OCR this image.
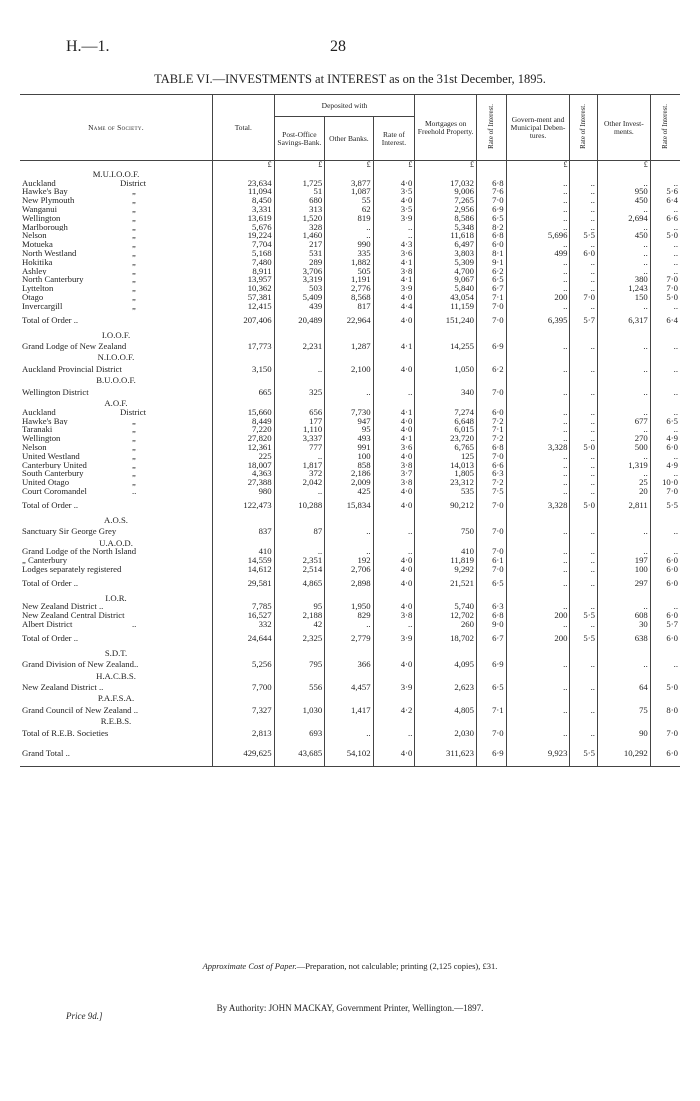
H.—1.	28
TABLE VI.—INVESTMENTS at INTEREST as on the 31st December, 1895.
Name of Society.	Total.	Deposited with			Mortgages on Freehold Property.	Rate of Interest.	Govern-ment and Municipal Deben-tures.	Rate of Interest.	Other Invest-ments.	Rate of Interest.
		Post-Office Savings-Bank.	Other Banks.	Rate of Interest.						
	£	£	£	£	£		£		£	
M.U.I.O.O.F.										
Auckland District	23,634	1,725	3,877	4·0	17,032	6·8	..	..	..	..
Hawke's Bay „	11,094	51	1,087	3·5	9,006	7·6	..	..	950	5·6
New Plymouth „	8,450	680	55	4·0	7,265	7·0	..	..	450	6·4
Wanganui „	3,331	313	62	3·5	2,956	6·9	..	..	..	..
Wellington „	13,619	1,520	819	3·9	8,586	6·5	..	..	2,694	6·6
Marlborough „	5,676	328	..	..	5,348	8·2	..	..	..	..
Nelson „	19,224	1,460	..	..	11,618	6·8	5,696	5·5	450	5·0
Motueka „	7,704	217	990	4·3	6,497	6·0	..	..	..	..
North Westland „	5,168	531	335	3·6	3,803	8·1	499	6·0	..	..
Hokitika „	7,480	289	1,882	4·1	5,309	9·1	..	..	..	..
Ashley „	8,911	3,706	505	3·8	4,700	6·2	..	..	..	..
North Canterbury „	13,957	3,319	1,191	4·1	9,067	6·5	..	..	380	7·0
Lyttelton „	10,362	503	2,776	3·9	5,840	6·7	..	..	1,243	7·0
Otago „	57,381	5,409	8,568	4·0	43,054	7·1	200	7·0	150	5·0
Invercargill „	12,415	439	817	4·4	11,159	7·0	..	..	..	..
Total of Order ..	207,406	20,489	22,964	4·0	151,240	7·0	6,395	5·7	6,317	6·4
I.O.O.F.										
Grand Lodge of New Zealand	17,773	2,231	1,287	4·1	14,255	6·9	..	..	..	..
N.I.O.O.F.										
Auckland Provincial District	3,150	..	2,100	4·0	1,050	6·2	..	..	..	..
B.U.O.O.F.										
Wellington District	665	325	..	..	340	7·0	..	..	..	..
A.O.F.										
Auckland District	15,660	656	7,730	4·1	7,274	6·0	..	..	..	..
Hawke's Bay „	8,449	177	947	4·0	6,648	7·2	..	..	677	6·5
Taranaki „	7,220	1,110	95	4·0	6,015	7·1	..	..	..	..
Wellington „	27,820	3,337	493	4·1	23,720	7·2	..	..	270	4·9
Nelson „	12,361	777	991	3·6	6,765	6·8	3,328	5·0	500	6·0
United Westland „	225	..	100	4·0	125	7·0	..	..	..	..
Canterbury United „	18,007	1,817	858	3·8	14,013	6·6	..	..	1,319	4·9
South Canterbury „	4,363	372	2,186	3·7	1,805	6·3	..	..	..	..
United Otago „	27,388	2,042	2,009	3·8	23,312	7·2	..	..	25	10·0
Court Coromandel ..	980	..	425	4·0	535	7·5	..	..	20	7·0
Total of Order ..	122,473	10,288	15,834	4·0	90,212	7·0	3,328	5·0	2,811	5·5
A.O.S.										
Sanctuary Sir George Grey	837	87	..	..	750	7·0	..	..	..	..
U.A.O.D.										
Grand Lodge of the North Island	410	..	..	..	410	7·0	..	..	..	..
„ Canterbury	14,559	2,351	192	4·0	11,819	6·1	..	..	197	6·0
Lodges separately registered	14,612	2,514	2,706	4·0	9,292	7·0	..	..	100	6·0
Total of Order ..	29,581	4,865	2,898	4·0	21,521	6·5	..	..	297	6·0
I.O.R.										
New Zealand District ..	7,785	95	1,950	4·0	5,740	6·3	..	..	..	..
New Zealand Central District	16,527	2,188	829	3·8	12,702	6·8	200	5·5	608	6·0
Albert District ..	332	42	..	..	260	9·0	..	..	30	5·7
Total of Order ..	24,644	2,325	2,779	3·9	18,702	6·7	200	5·5	638	6·0
S.D.T.										
Grand Division of New Zealand..	5,256	795	366	4·0	4,095	6·9	..	..	..	..
H.A.C.B.S.										
New Zealand District ..	7,700	556	4,457	3·9	2,623	6·5	..	..	64	5·0
P.A.F.S.A.										
Grand Council of New Zealand ..	7,327	1,030	1,417	4·2	4,805	7·1	..	..	75	8·0
R.E.B.S.										
Total of R.E.B. Societies	2,813	693	..	..	2,030	7·0	..	..	90	7·0
Grand Total ..	429,625	43,685	54,102	4·0	311,623	6·9	9,923	5·5	10,292	6·0
Approximate Cost of Paper.—Preparation, not calculable; printing (2,125 copies), £31.
By Authority: JOHN MACKAY, Government Printer, Wellington.—1897.
Price 9d.]
